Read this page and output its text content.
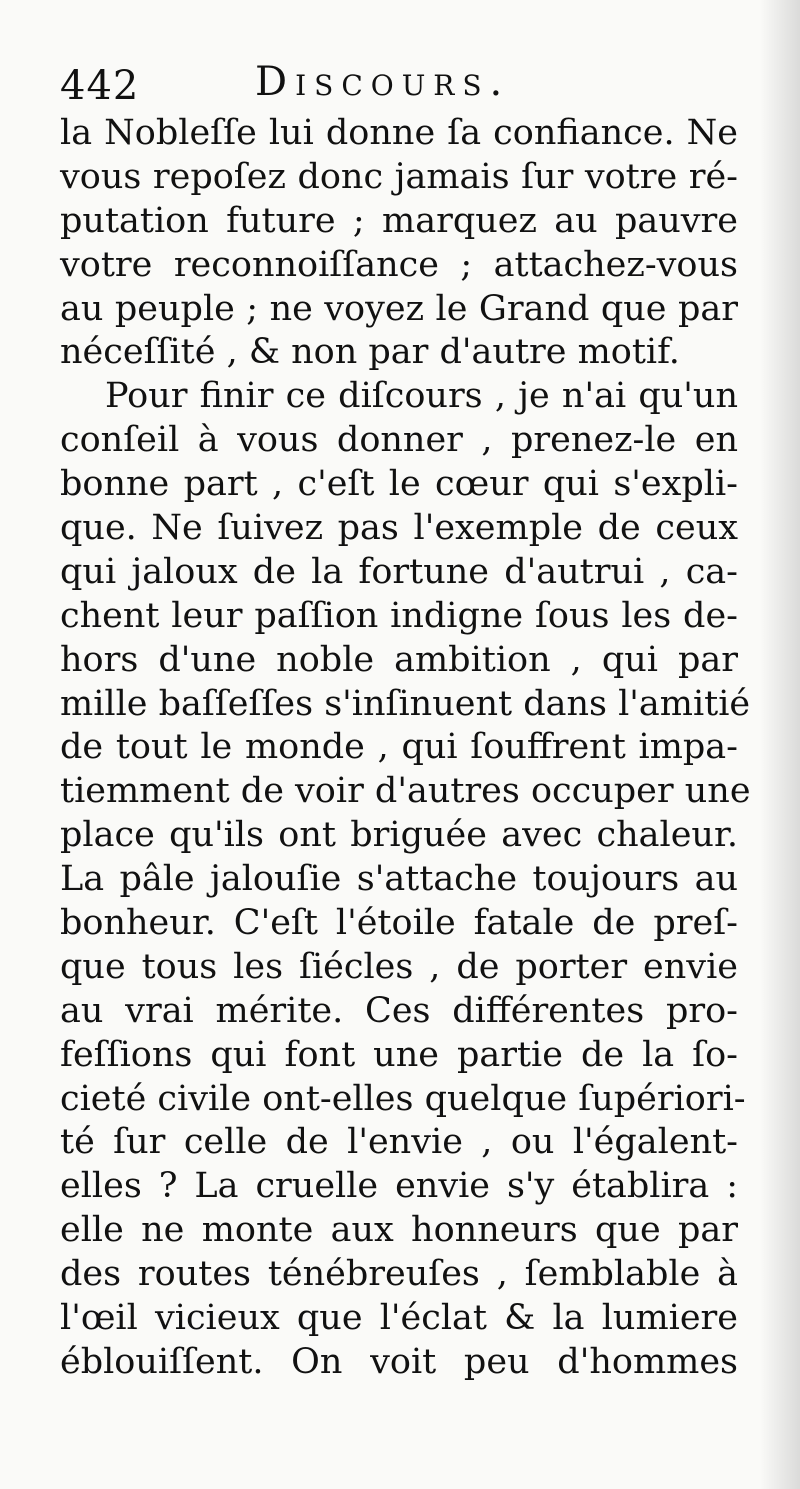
442	Discours.
la Nobleſſe lui donne ſa confiance. Ne
vous repoſez donc jamais ſur votre ré-
putation future ; marquez au pauvre
votre reconnoiſſance ; attachez-vous
au peuple ; ne voyez le Grand que par
néceſſité , & non par d'autre motif.
Pour finir ce diſcours , je n'ai qu'un
conſeil à vous donner , prenez-le en
bonne part , c'eſt le cœur qui s'expli-
que. Ne ſuivez pas l'exemple de ceux
qui jaloux de la fortune d'autrui , ca-
chent leur paſſion indigne ſous les de-
hors d'une noble ambition , qui par
mille baſſeſſes s'inſinuent dans l'amitié
de tout le monde , qui ſouffrent impa-
tiemment de voir d'autres occuper une
place qu'ils ont briguée avec chaleur.
La pâle jalouſie s'attache toujours au
bonheur. C'eſt l'étoile fatale de preſ-
que tous les ſiécles , de porter envie
au vrai mérite. Ces différentes pro-
feſſions qui font une partie de la ſo-
cieté civile ont-elles quelque ſupériori-
té ſur celle de l'envie , ou l'égalent-
elles ? La cruelle envie s'y établira :
elle ne monte aux honneurs que par
des routes ténébreuſes , ſemblable à
l'œil vicieux que l'éclat & la lumiere
éblouiſſent. On voit peu d'hommes
